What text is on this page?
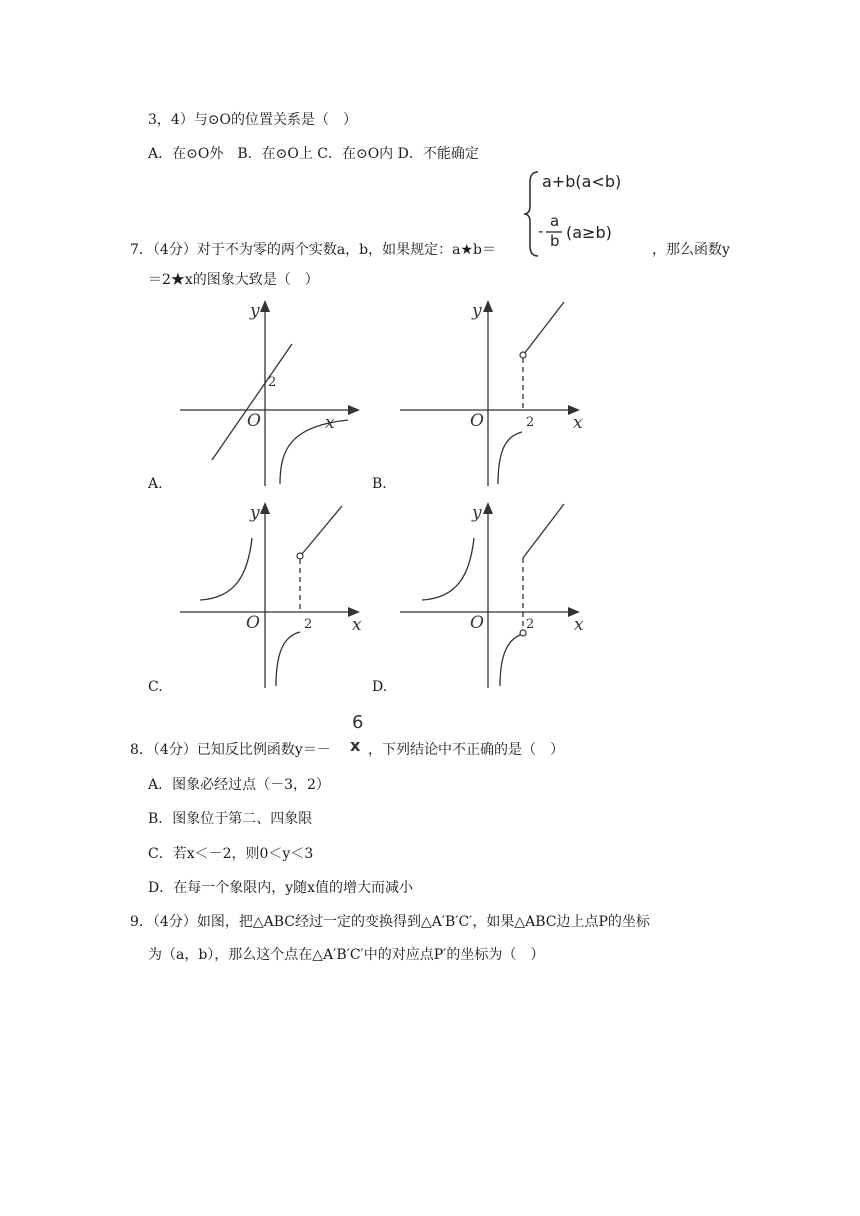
3，4）与⊙O的位置关系是（　）
A．在⊙O外　B．在⊙O上 C．在⊙O内 D．不能确定
7．（4分）对于不为零的两个实数a，b，如果规定：a★b＝
a+b(a<b)
-
a
b (a≥b)
，那么函数y
＝2★x的图象大致是（　）
y
x
O
2
A.
y
x
O	2
B.
y
x
O	2
C.
y
x
O	2
D.
8．（4分）已知反比例函数y＝－
6
x ，下列结论中不正确的是（　）
A．图象必经过点（－3，2）
B．图象位于第二、四象限
C．若x＜－2，则0＜y＜3
D．在每一个象限内，y随x值的增大而减小
9．（4分）如图，把△ABC经过一定的变换得到△A′B′C′，如果△ABC边上点P的坐标
为（a，b），那么这个点在△A′B′C′中的对应点P′的坐标为（　）
